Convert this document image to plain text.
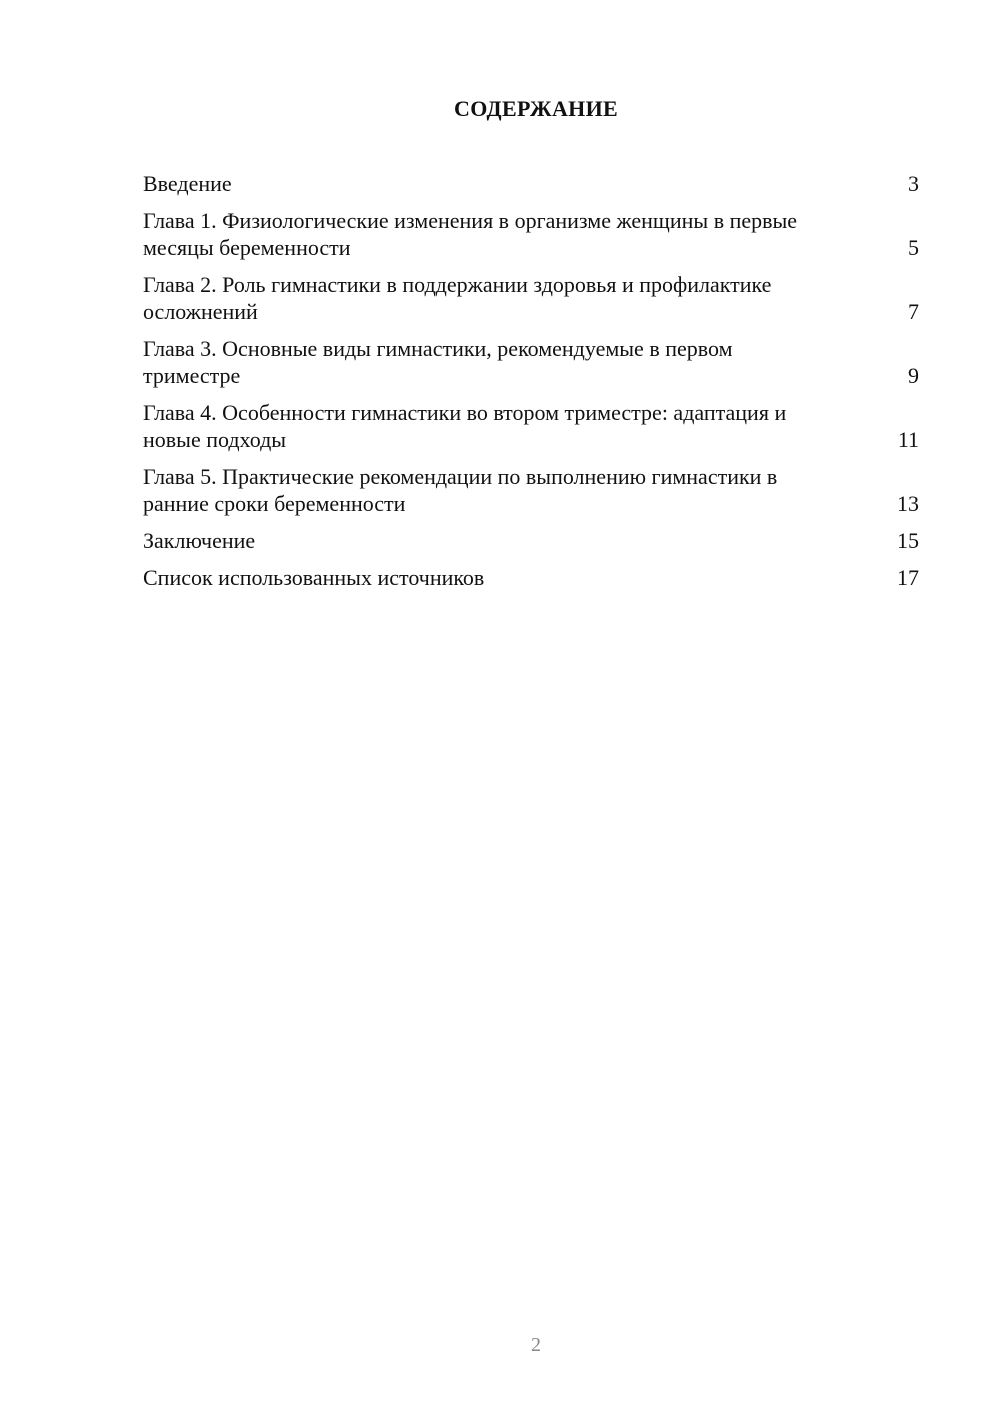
СОДЕРЖАНИЕ
Введение	3
Глава 1. Физиологические изменения в организме женщины в первые месяцы беременности	5
Глава 2. Роль гимнастики в поддержании здоровья и профилактике осложнений	7
Глава 3. Основные виды гимнастики, рекомендуемые в первом триместре	9
Глава 4. Особенности гимнастики во втором триместре: адаптация и новые подходы	11
Глава 5. Практические рекомендации по выполнению гимнастики в ранние сроки беременности	13
Заключение	15
Список использованных источников	17
2
